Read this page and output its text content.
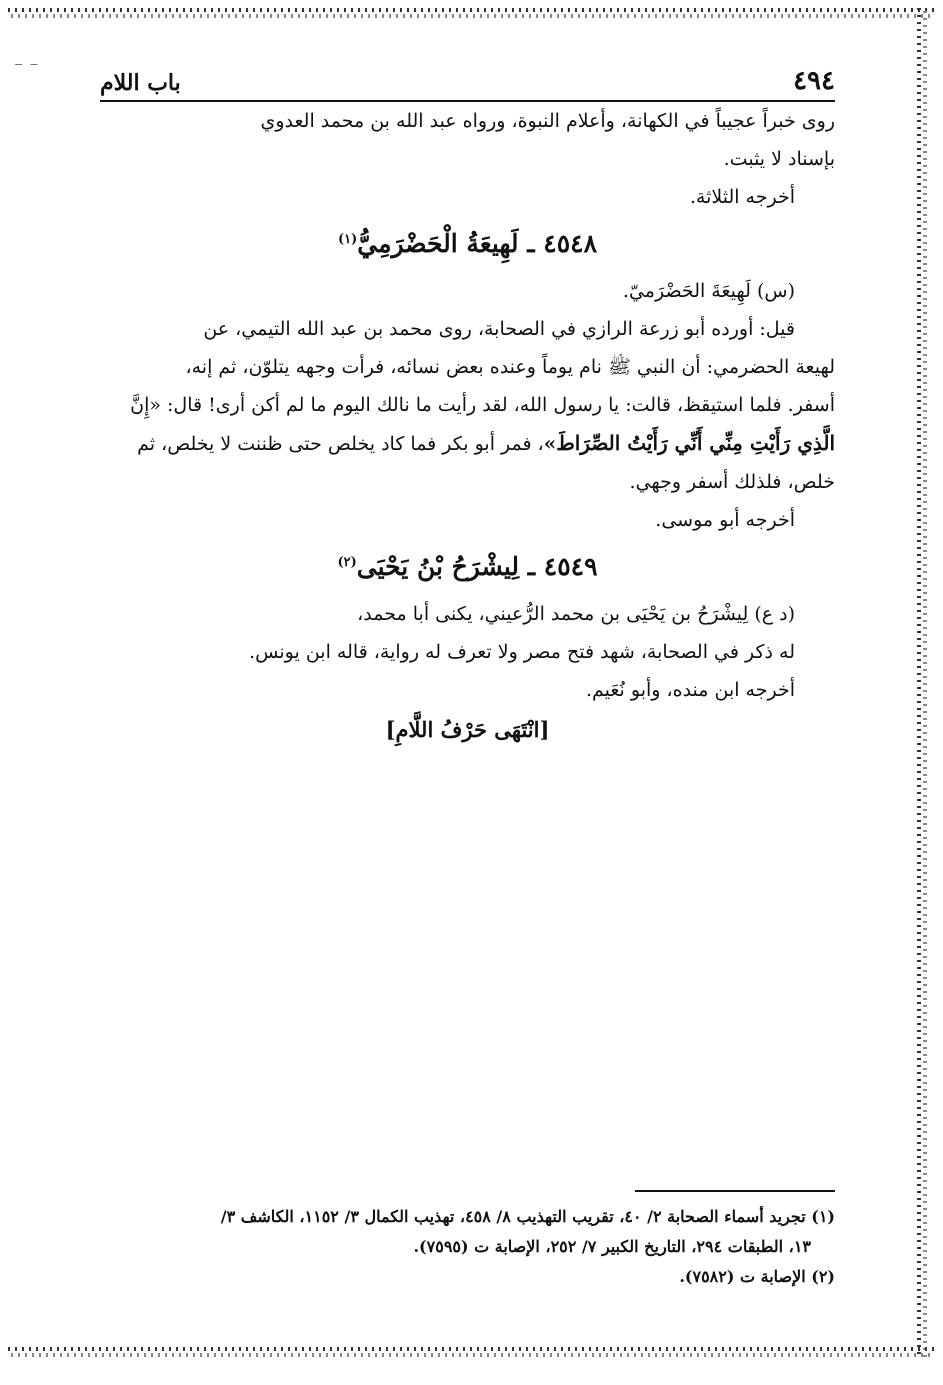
⁻ ⁻	٤٩٤
باب اللام

روى خبراً عجيباً في الكهانة، وأعلام النبوة، ورواه عبد الله بن محمد العدوي

بإسناد لا يثبت.

أخرجه الثلاثة.

٤٥٤٨ ـ لَهِيعَةُ الْحَضْرَمِيُّ$^{(١)}$

(س) لَهِيعَةَ الحَضْرَميّ.

قيل: أورده أبو زرعة الرازي في الصحابة، روى محمد بن عبد الله التيمي، عن

لهيعة الحضرمي: أن النبي ﷺ نام يوماً وعنده بعض نسائه، فرأت وجهه يتلوّن، ثم إنه،

أسفر. فلما استيقظ، قالت: يا رسول الله، لقد رأيت ما نالك اليوم ما لم أكن أرى! قال: «إِنَّ

الَّذِي رَأَيْتِ مِنِّي أَنِّي رَأَيْتُ الصِّرَاطَ»، فمر أبو بكر فما كاد يخلص حتى ظننت لا يخلص، ثم

خلص، فلذلك أسفر وجهي.

أخرجه أبو موسى.

٤٥٤٩ ـ لِيشْرَحُ بْنُ يَحْيَى$^{(٢)}$

(د ع) لِيشْرَحُ بن يَحْيَى بن محمد الرُّعيني، يكنى أبا محمد،

له ذكر في الصحابة، شهد فتح مصر ولا تعرف له رواية، قاله ابن يونس.

أخرجه ابن منده، وأبو نُعَيم.

[انْتَهَى حَرْفُ اللَّامِ]

(١) تجريد أسماء الصحابة ٢/ ٤٠، تقريب التهذيب ٨/ ٤٥٨، تهذيب الكمال ٣/ ١١٥٢، الكاشف ٣/

١٣، الطبقات ٢٩٤، التاريخ الكبير ٧/ ٢٥٢، الإصابة ت (٧٥٩٥).

(٢) الإصابة ت (٧٥٨٢).
